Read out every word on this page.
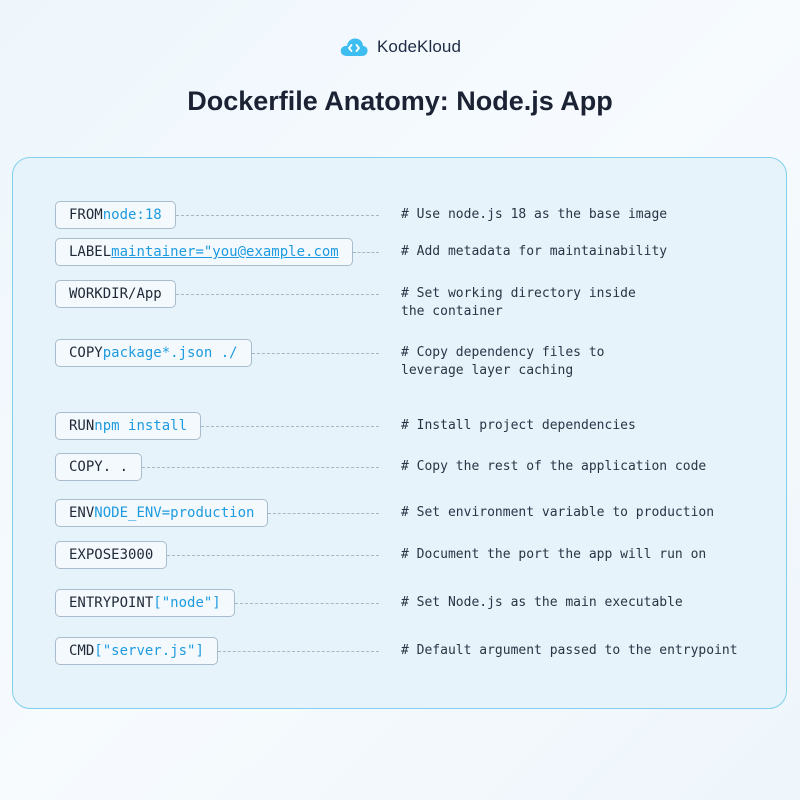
KodeKloud
Dockerfile Anatomy: Node.js App
FROM node:18	# Use node.js 18 as the base image
LABEL maintainer="you@example.com	# Add metadata for maintainability
WORKDIR /App	# Set working directory inside the container
COPY package*.json ./	# Copy dependency files to leverage layer caching
RUN npm install	# Install project dependencies
COPY . .	# Copy the rest of the application code
ENV NODE_ENV=production	# Set environment variable to production
EXPOSE 3000	# Document the port the app will run on
ENTRYPOINT ["node"]	# Set Node.js as the main executable
CMD ["server.js"]	# Default argument passed to the entrypoint
